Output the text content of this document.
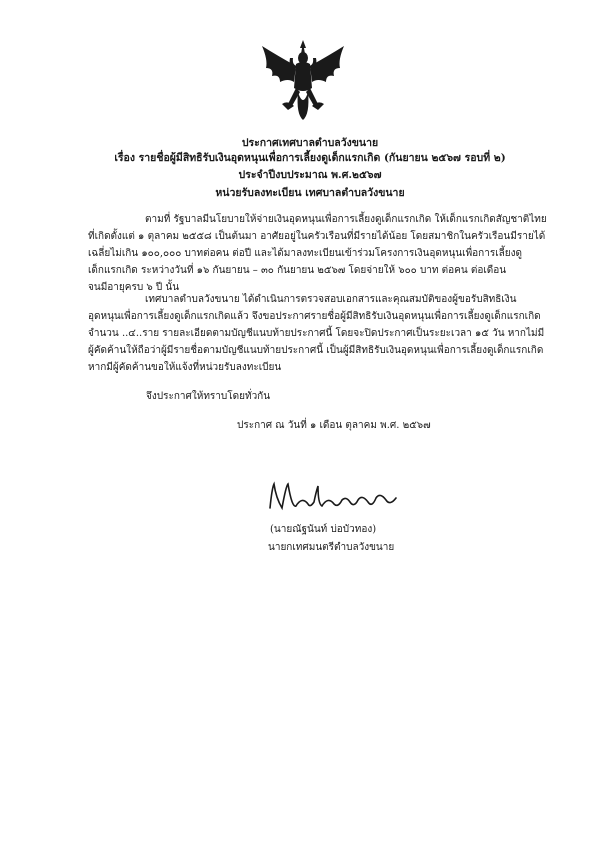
ประกาศเทศบาลตำบลวังขนาย
เรื่อง รายชื่อผู้มีสิทธิรับเงินอุดหนุนเพื่อการเลี้ยงดูเด็กแรกเกิด (กันยายน ๒๕๖๗ รอบที่ ๒)
ประจำปีงบประมาณ พ.ศ.๒๕๖๗
หน่วยรับลงทะเบียน เทศบาลตำบลวังขนาย
ตามที่ รัฐบาลมีนโยบายให้จ่ายเงินอุดหนุนเพื่อการเลี้ยงดูเด็กแรกเกิด ให้เด็กแรกเกิดสัญชาติไทย
ที่เกิดตั้งแต่ ๑ ตุลาคม ๒๕๕๘ เป็นต้นมา อาศัยอยู่ในครัวเรือนที่มีรายได้น้อย โดยสมาชิกในครัวเรือนมีรายได้
เฉลี่ยไม่เกิน ๑๐๐,๐๐๐ บาทต่อคน ต่อปี และได้มาลงทะเบียนเข้าร่วมโครงการเงินอุดหนุนเพื่อการเลี้ยงดู
เด็กแรกเกิด ระหว่างวันที่ ๑๖ กันยายน – ๓๐ กันยายน ๒๕๖๗ โดยจ่ายให้ ๖๐๐ บาท ต่อคน ต่อเดือน
จนมีอายุครบ ๖ ปี นั้น
เทศบาลตำบลวังขนาย ได้ดำเนินการตรวจสอบเอกสารและคุณสมบัติของผู้ขอรับสิทธิเงิน
อุดหนุนเพื่อการเลี้ยงดูเด็กแรกเกิดแล้ว จึงขอประกาศรายชื่อผู้มีสิทธิรับเงินอุดหนุนเพื่อการเลี้ยงดูเด็กแรกเกิด
จำนวน ..๔..ราย รายละเอียดตามบัญชีแนบท้ายประกาศนี้ โดยจะปิดประกาศเป็นระยะเวลา ๑๕ วัน หากไม่มี
ผู้คัดค้านให้ถือว่าผู้มีรายชื่อตามบัญชีแนบท้ายประกาศนี้ เป็นผู้มีสิทธิรับเงินอุดหนุนเพื่อการเลี้ยงดูเด็กแรกเกิด
หากมีผู้คัดค้านขอให้แจ้งที่หน่วยรับลงทะเบียน
จึงประกาศให้ทราบโดยทั่วกัน
ประกาศ ณ วันที่ ๑ เดือน ตุลาคม พ.ศ. ๒๕๖๗
(นายณัฐนันท์ บ่อบัวทอง)
นายกเทศมนตรีตำบลวังขนาย
